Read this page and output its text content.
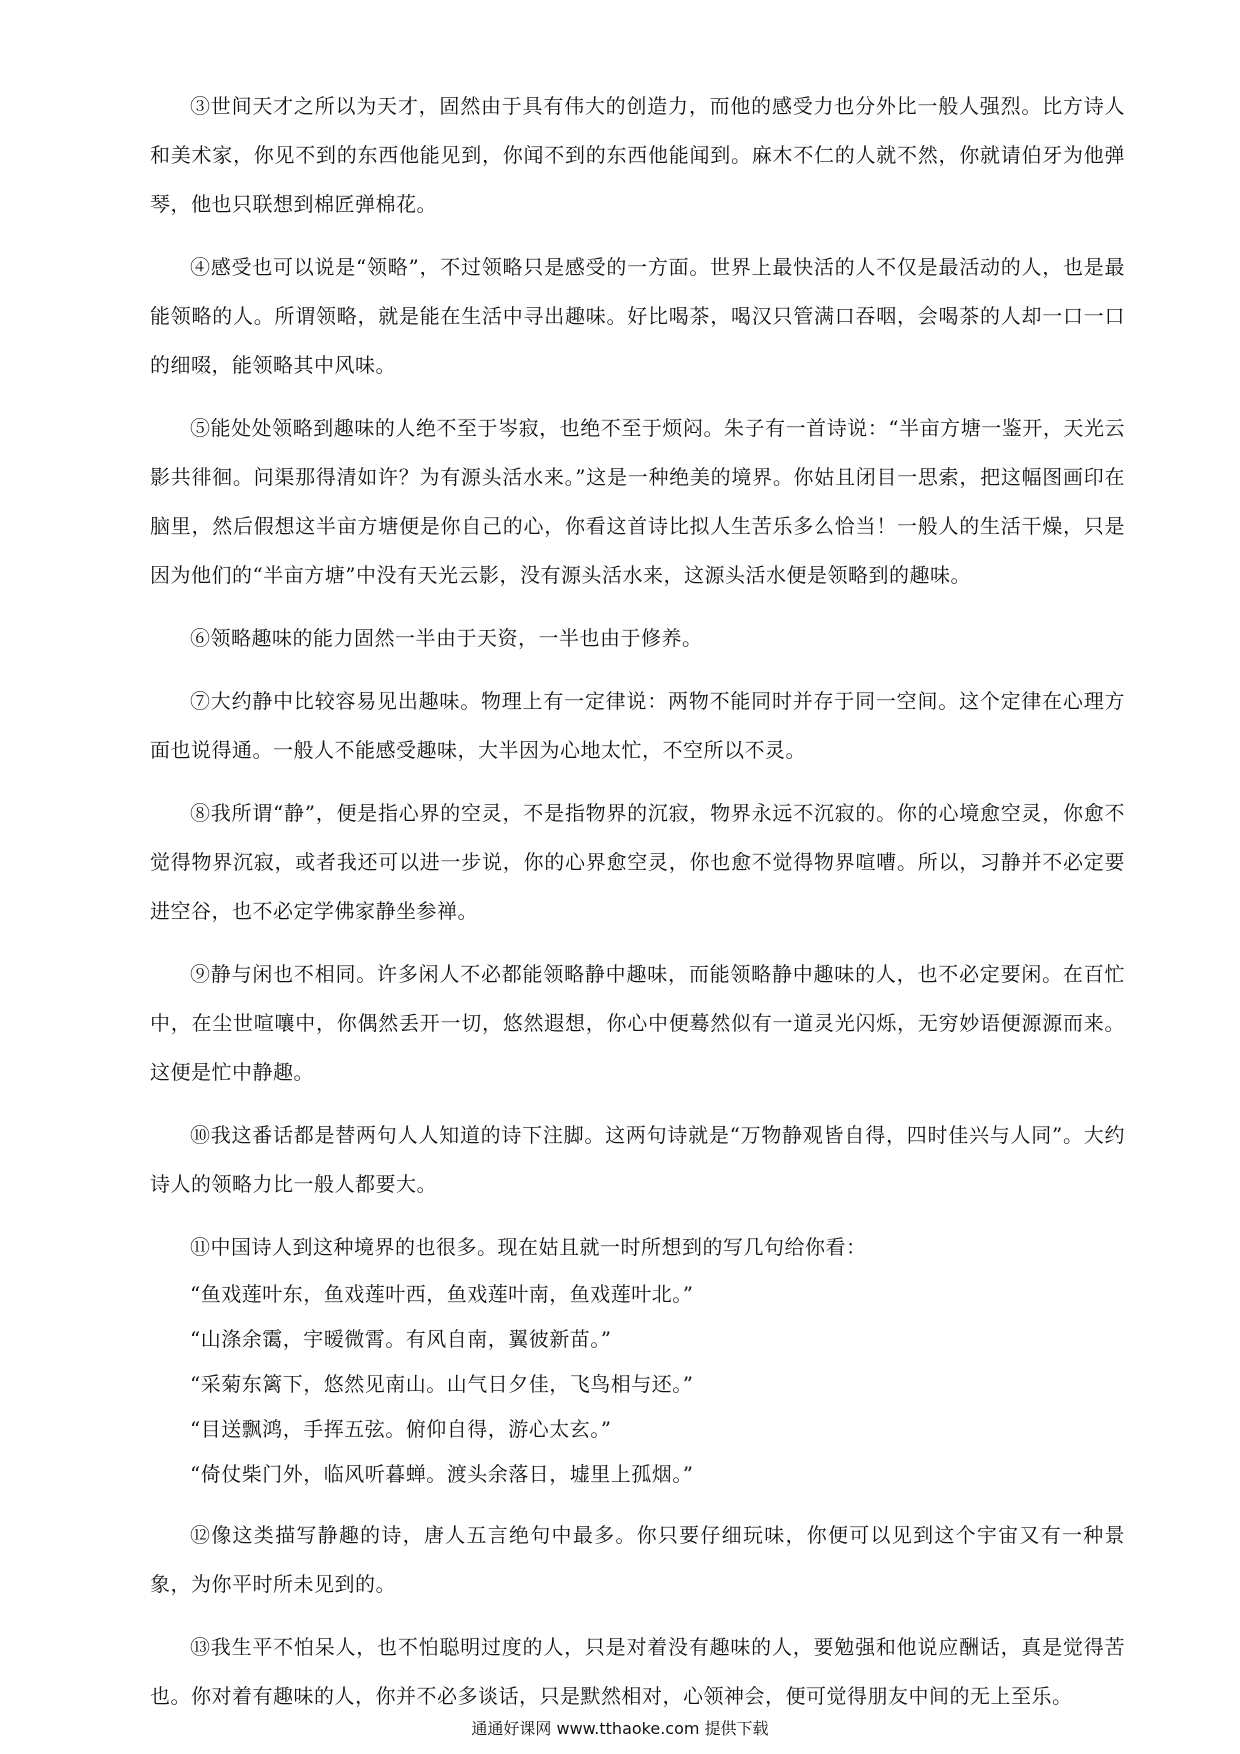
③世间天才之所以为天才，固然由于具有伟大的创造力，而他的感受力也分外比一般人强烈。比方诗人和美术家，你见不到的东西他能见到，你闻不到的东西他能闻到。麻木不仁的人就不然，你就请伯牙为他弹琴，他也只联想到棉匠弹棉花。

④感受也可以说是“领略”，不过领略只是感受的一方面。世界上最快活的人不仅是最活动的人，也是最能领略的人。所谓领略，就是能在生活中寻出趣味。好比喝茶，喝汉只管满口吞咽，会喝茶的人却一口一口的细啜，能领略其中风味。

⑤能处处领略到趣味的人绝不至于岑寂，也绝不至于烦闷。朱子有一首诗说：“半亩方塘一鉴开，天光云影共徘徊。问渠那得清如许？为有源头活水来。”这是一种绝美的境界。你姑且闭目一思索，把这幅图画印在脑里，然后假想这半亩方塘便是你自己的心，你看这首诗比拟人生苦乐多么恰当！一般人的生活干燥，只是因为他们的“半亩方塘”中没有天光云影，没有源头活水来，这源头活水便是领略到的趣味。

⑥领略趣味的能力固然一半由于天资，一半也由于修养。

⑦大约静中比较容易见出趣味。物理上有一定律说：两物不能同时并存于同一空间。这个定律在心理方面也说得通。一般人不能感受趣味，大半因为心地太忙，不空所以不灵。

⑧我所谓“静”，便是指心界的空灵，不是指物界的沉寂，物界永远不沉寂的。你的心境愈空灵，你愈不觉得物界沉寂，或者我还可以进一步说，你的心界愈空灵，你也愈不觉得物界喧嘈。所以，习静并不必定要进空谷，也不必定学佛家静坐参禅。

⑨静与闲也不相同。许多闲人不必都能领略静中趣味，而能领略静中趣味的人，也不必定要闲。在百忙中，在尘世喧嚷中，你偶然丢开一切，悠然遐想，你心中便蓦然似有一道灵光闪烁，无穷妙语便源源而来。这便是忙中静趣。

⑩我这番话都是替两句人人知道的诗下注脚。这两句诗就是“万物静观皆自得，四时佳兴与人同”。大约诗人的领略力比一般人都要大。

⑪中国诗人到这种境界的也很多。现在姑且就一时所想到的写几句给你看：

“鱼戏莲叶东，鱼戏莲叶西，鱼戏莲叶南，鱼戏莲叶北。”

“山涤余霭，宇暧微霄。有风自南，翼彼新苗。”

“采菊东篱下，悠然见南山。山气日夕佳，飞鸟相与还。”

“目送飘鸿，手挥五弦。俯仰自得，游心太玄。”

“倚仗柴门外，临风听暮蝉。渡头余落日，墟里上孤烟。”

⑫像这类描写静趣的诗，唐人五言绝句中最多。你只要仔细玩味，你便可以见到这个宇宙又有一种景象，为你平时所未见到的。

⑬我生平不怕呆人，也不怕聪明过度的人，只是对着没有趣味的人，要勉强和他说应酬话，真是觉得苦也。你对着有趣味的人，你并不必多谈话，只是默然相对，心领神会，便可觉得朋友中间的无上至乐。

通通好课网 www.tthaoke.com 提供下载
